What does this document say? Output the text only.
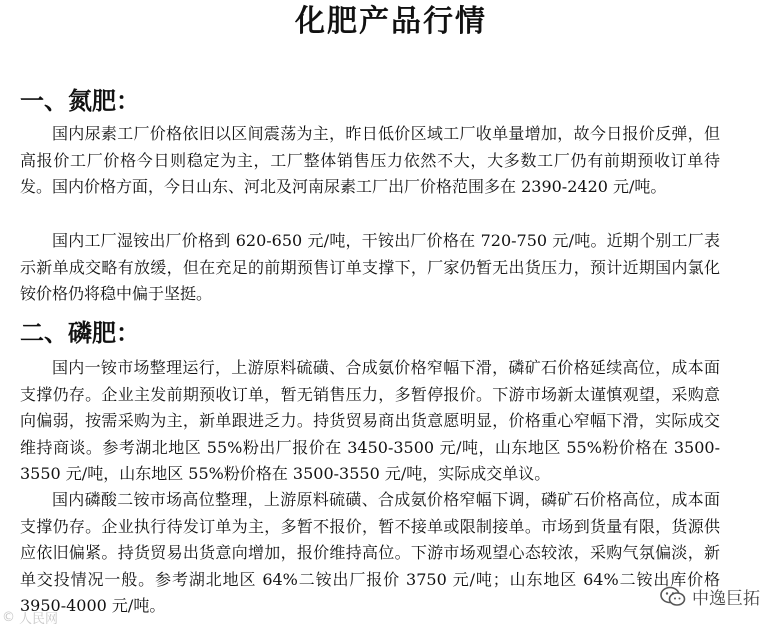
化肥产品行情
一、氮肥：
国内尿素工厂价格依旧以区间震荡为主，昨日低价区域工厂收单量增加，故今日报价反弹，但高报价工厂价格今日则稳定为主，工厂整体销售压力依然不大，大多数工厂仍有前期预收订单待发。国内价格方面，今日山东、河北及河南尿素工厂出厂价格范围多在 2390-2420 元/吨。
国内工厂湿铵出厂价格到 620-650 元/吨，干铵出厂价格在 720-750 元/吨。近期个别工厂表示新单成交略有放缓，但在充足的前期预售订单支撑下，厂家仍暂无出货压力，预计近期国内氯化铵价格仍将稳中偏于坚挺。
二、磷肥：
国内一铵市场整理运行，上游原料硫磺、合成氨价格窄幅下滑，磷矿石价格延续高位，成本面支撑仍存。企业主发前期预收订单，暂无销售压力，多暂停报价。下游市场新太谨慎观望，采购意向偏弱，按需采购为主，新单跟进乏力。持货贸易商出货意愿明显，价格重心窄幅下滑，实际成交维持商谈。参考湖北地区 55%粉出厂报价在 3450-3500 元/吨，山东地区 55%粉价格在 3500-3550 元/吨，山东地区 55%粉价格在 3500-3550 元/吨，实际成交单议。
国内磷酸二铵市场高位整理，上游原料硫磺、合成氨价格窄幅下调，磷矿石价格高位，成本面支撑仍存。企业执行待发订单为主，多暂不报价，暂不接单或限制接单。市场到货量有限，货源供应依旧偏紧。持货贸易出货意向增加，报价维持高位。下游市场观望心态较浓，采购气氛偏淡，新单交投情况一般。参考湖北地区 64%二铵出厂报价 3750 元/吨；山东地区 64%二铵出库价格 3950-4000 元/吨。
© 人民网
中逸巨拓
